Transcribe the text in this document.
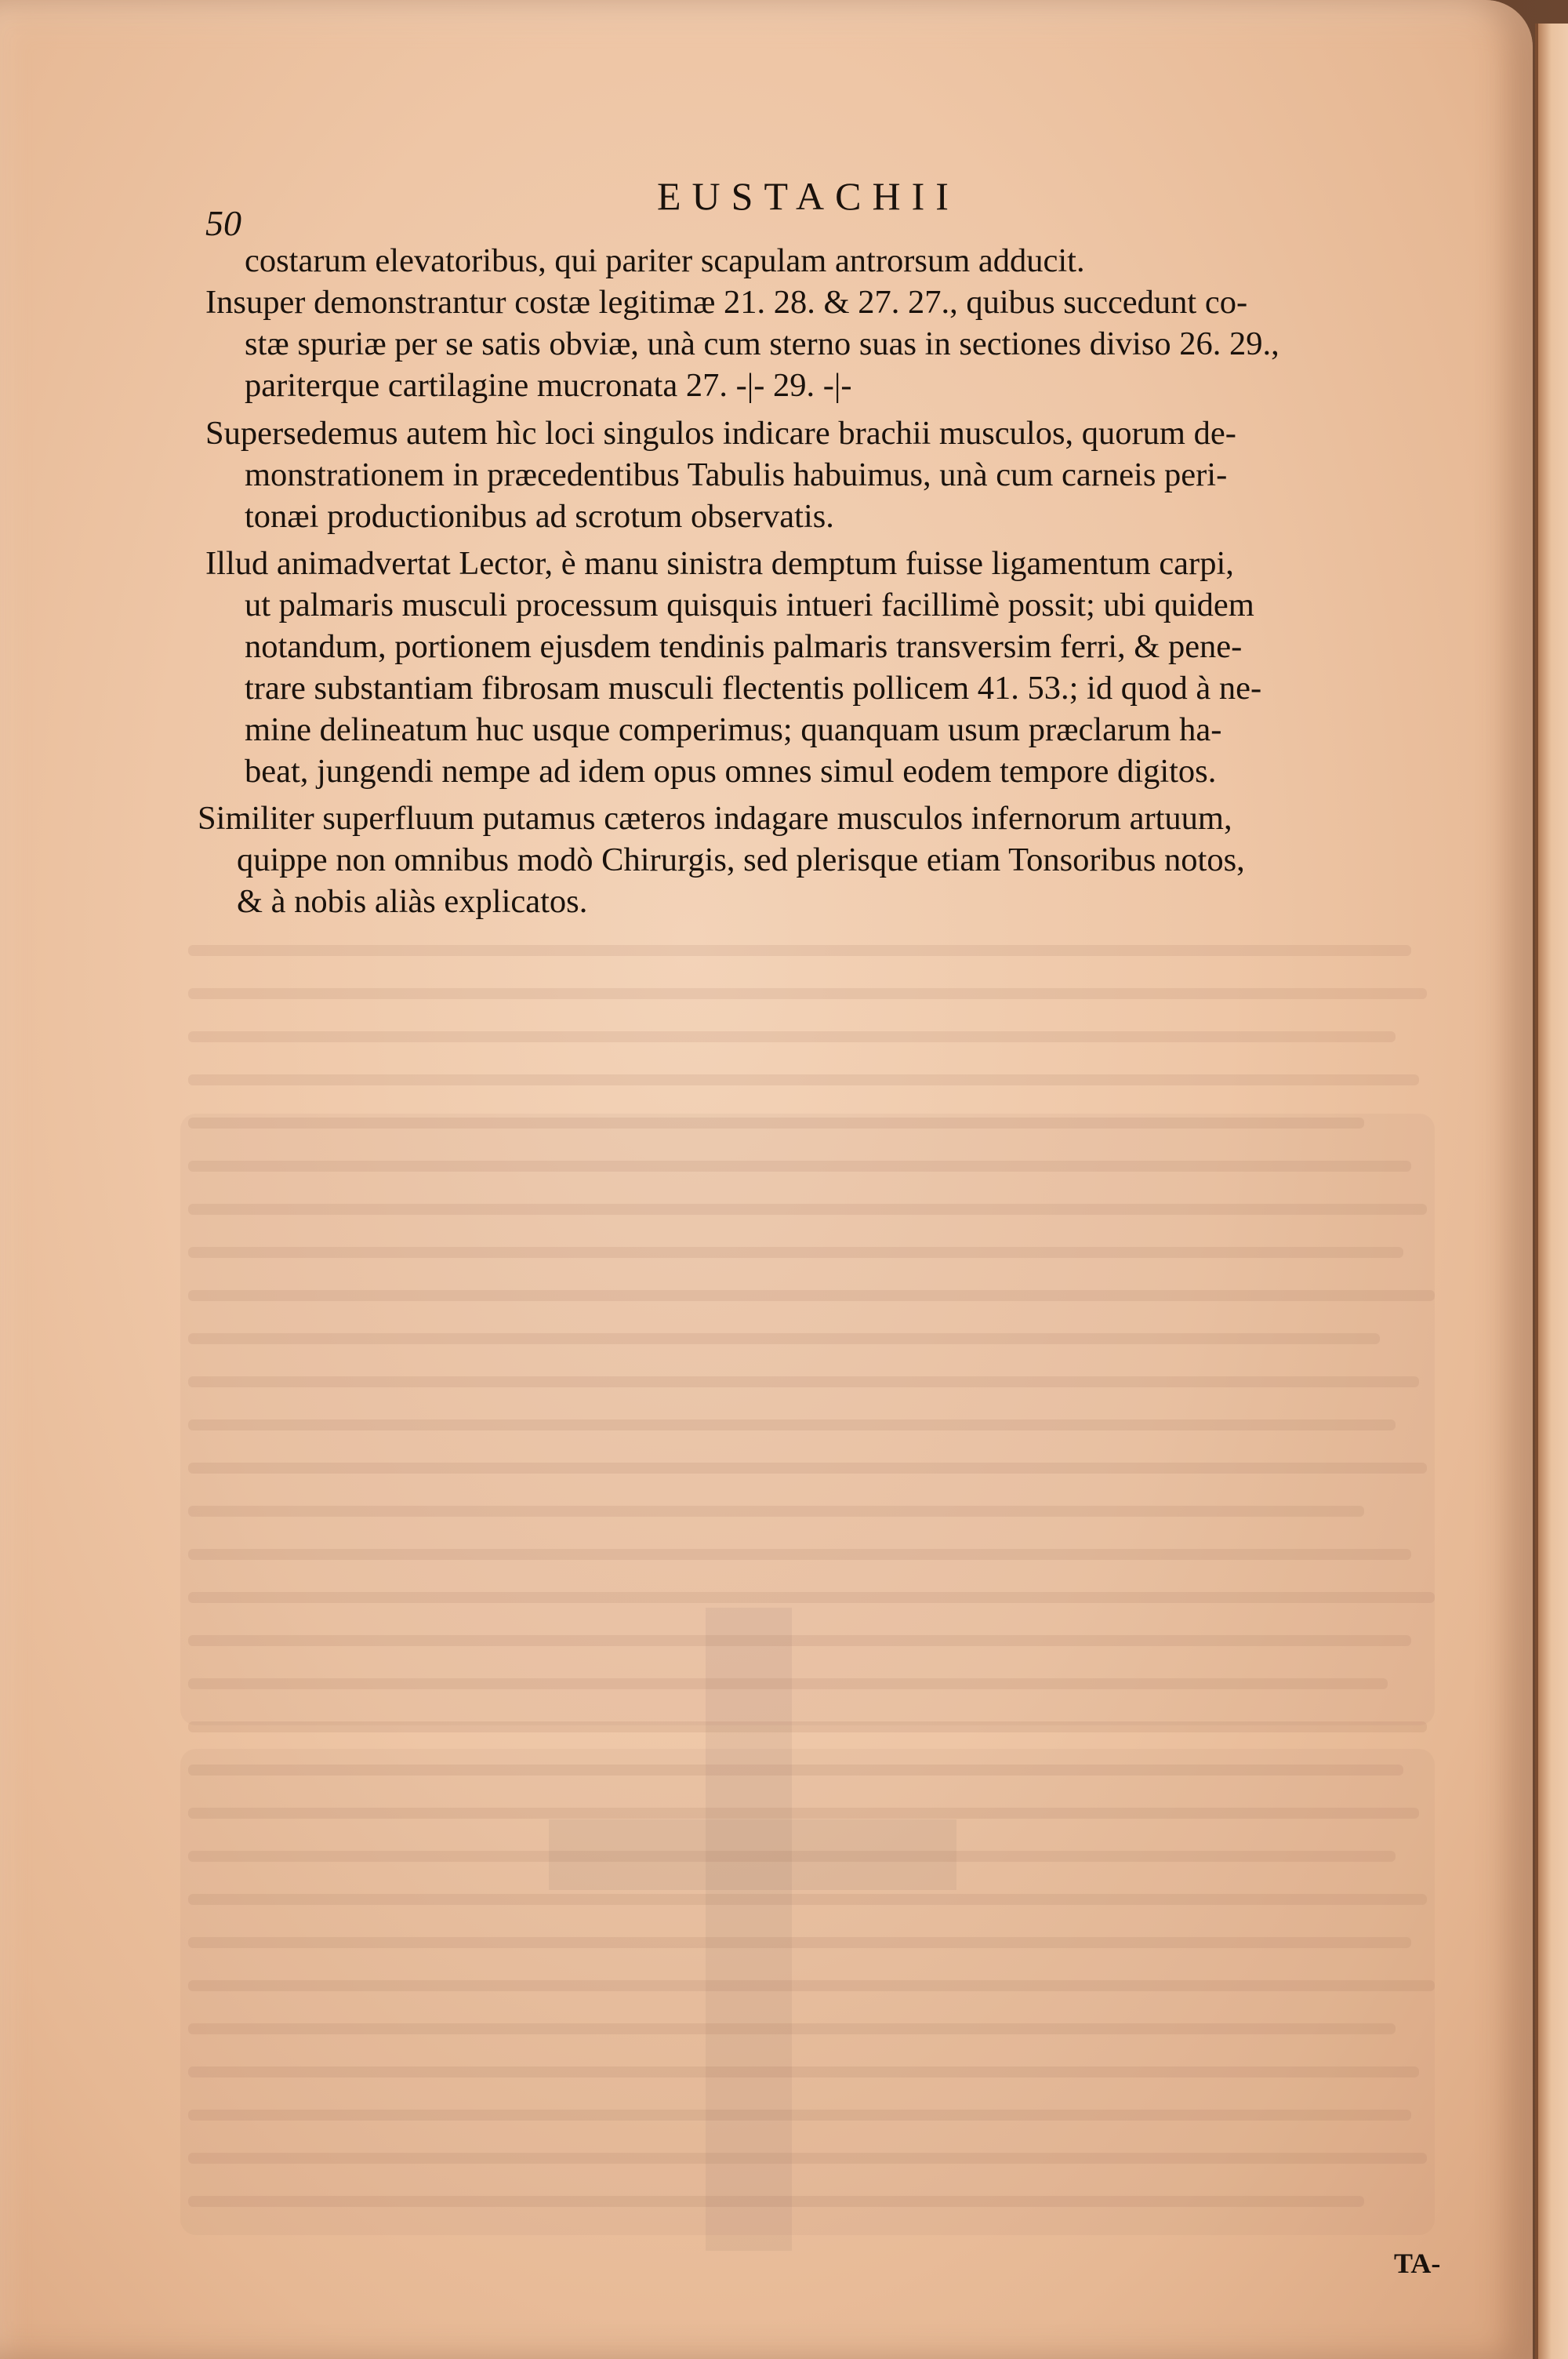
50
EUSTACHII
costarum elevatoribus, qui pariter scapulam antrorsum adducit.
Insuper demonstrantur costæ legitimæ 21. 28. & 27. 27., quibus succedunt co-
stæ spuriæ per se satis obviæ, unà cum sterno suas in sectiones diviso 26. 29.,
pariterque cartilagine mucronata 27. -|- 29. -|-
Supersedemus autem hìc loci singulos indicare brachii musculos, quorum de-
monstrationem in præcedentibus Tabulis habuimus, unà cum carneis peri-
tonæi productionibus ad scrotum observatis.
Illud animadvertat Lector, è manu sinistra demptum fuisse ligamentum carpi,
ut palmaris musculi processum quisquis intueri facillimè possit; ubi quidem
notandum, portionem ejusdem tendinis palmaris transversim ferri, & pene-
trare substantiam fibrosam musculi flectentis pollicem 41. 53.; id quod à ne-
mine delineatum huc usque comperimus; quanquam usum præclarum ha-
beat, jungendi nempe ad idem opus omnes simul eodem tempore digitos.
Similiter superfluum putamus cæteros indagare musculos infernorum artuum,
quippe non omnibus modò Chirurgis, sed plerisque etiam Tonsoribus notos,
& à nobis aliàs explicatos.
TA-
